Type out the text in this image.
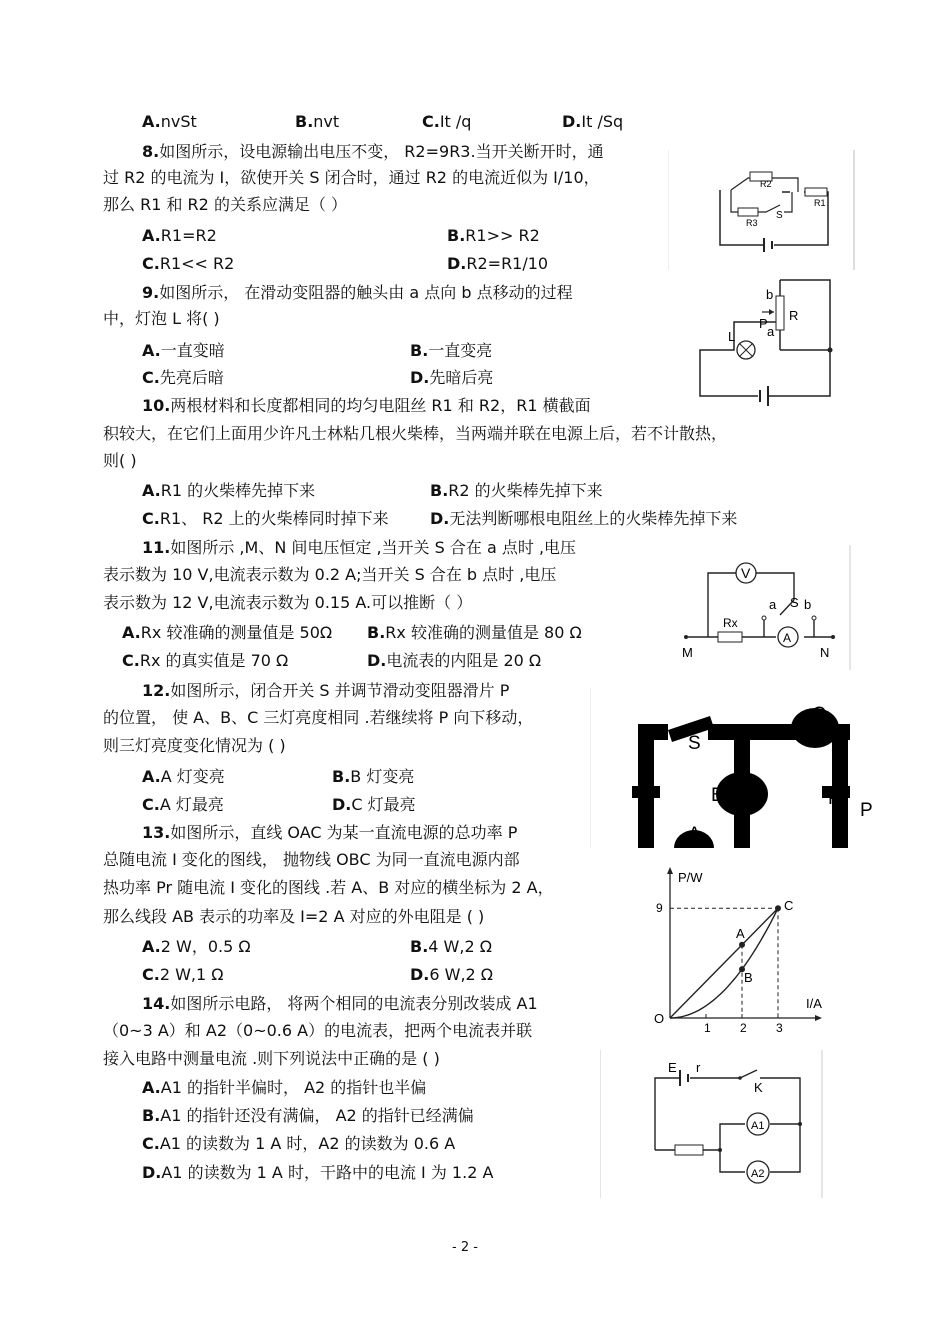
A.nvSt	B.nvt	C.It /q	D.It /Sq
8.如图所示，设电源输出电压不变， R2=9R3.当开关断开时，通
过 R2 的电流为 I，欲使开关 S 闭合时，通过 R2 的电流近似为 I/10，
那么 R1 和 R2 的关系应满足（ ）
A.R1=R2	B.R1>> R2
C.R1<< R2	D.R2=R1/10
R2
R1
R3
S
9.如图所示， 在滑动变阻器的触头由 a 点向 b 点移动的过程
中，灯泡 L 将( )
A.一直变暗	B.一直变亮
C.先亮后暗	D.先暗后亮
b
P
a
R
L
10.两根材料和长度都相同的均匀电阻丝 R1 和 R2，R1 横截面
积较大，在它们上面用少许凡士林粘几根火柴棒，当两端并联在电源上后，若不计散热，
则( )
A.R1 的火柴棒先掉下来	B.R2 的火柴棒先掉下来
C.R1、 R2 上的火柴棒同时掉下来	D.无法判断哪根电阻丝上的火柴棒先掉下来
11.如图所示 ,M、N 间电压恒定 ,当开关 S 合在 a 点时 ,电压
表示数为 10 V,电流表示数为 0.2 A;当开关 S 合在 b 点时 ,电压
表示数为 12 V,电流表示数为 0.15 A.可以推断（ ）
A.Rx 较准确的测量值是 50Ω B.Rx 较准确的测量值是 80 Ω
C.Rx 的真实值是 70 Ω	D.电流表的内阻是 20 Ω
V
a S b
Rx
A
M	N
12.如图所示，闭合开关 S 并调节滑动变阻器滑片 P
的位置， 使 A、B、C 三灯亮度相同 .若继续将 P 向下移动，
则三灯亮度变化情况为 ( )
A.A 灯变亮	B.B 灯变亮
C.A 灯最亮	D.C 灯最亮
C
S
B	P
P
A
13.如图所示，直线 OAC 为某一直流电源的总功率 P
总随电流 I 变化的图线， 抛物线 OBC 为同一直流电源内部
热功率 Pr 随电流 I 变化的图线 .若 A、B 对应的横坐标为 2 A，
那么线段 AB 表示的功率及 I=2 A 对应的外电阻是 ( )
A.2 W，0.5 Ω	B.4 W,2 Ω
C.2 W,1 Ω	D.6 W,2 Ω
P/W
I/A
O
1 2 3
9
A
B
C
14.如图所示电路， 将两个相同的电流表分别改装成 A1
（0~3 A）和 A2（0~0.6 A）的电流表，把两个电流表并联
接入电路中测量电流 .则下列说法中正确的是 ( )
A.A1 的指针半偏时， A2 的指针也半偏
B.A1 的指针还没有满偏， A2 的指针已经满偏
C.A1 的读数为 1 A 时，A2 的读数为 0.6 A
D.A1 的读数为 1 A 时，干路中的电流 I 为 1.2 A
E r
K
A1
A2
- 2 -
